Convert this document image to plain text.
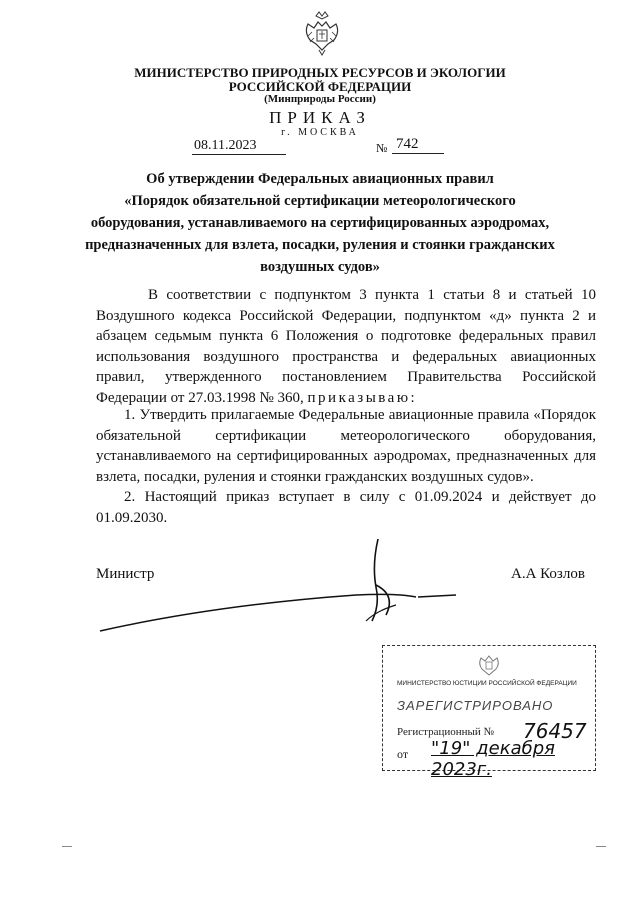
МИНИСТЕРСТВО ПРИРОДНЫХ РЕСУРСОВ И ЭКОЛОГИИ
РОССИЙСКОЙ ФЕДЕРАЦИИ
(Минприроды России)
ПРИКАЗ
г. МОСКВА
08.11.2023	№ 742
Об утверждении Федеральных авиационных правил
«Порядок обязательной сертификации метеорологического
оборудования, устанавливаемого на сертифицированных аэродромах,
предназначенных для взлета, посадки, руления и стоянки гражданских
воздушных судов»
В соответствии с подпунктом 3 пункта 1 статьи 8 и статьей 10 Воздушного кодекса Российской Федерации, подпунктом «д» пункта 2 и абзацем седьмым пункта 6 Положения о подготовке федеральных правил использования воздушного пространства и федеральных авиационных правил, утвержденного постановлением Правительства Российской Федерации от 27.03.1998 № 360, приказываю:
1. Утвердить прилагаемые Федеральные авиационные правила «Порядок обязательной сертификации метеорологического оборудования, устанавливаемого на сертифицированных аэродромах, предназначенных для взлета, посадки, руления и стоянки гражданских воздушных судов».
2. Настоящий приказ вступает в силу с 01.09.2024 и действует до 01.09.2030.
Министр	А.А Козлов
МИНИСТЕРСТВО ЮСТИЦИИ РОССИЙСКОЙ ФЕДЕРАЦИИ
ЗАРЕГИСТРИРОВАНО
Регистрационный № 76457
от "19" декабря 2023г.
